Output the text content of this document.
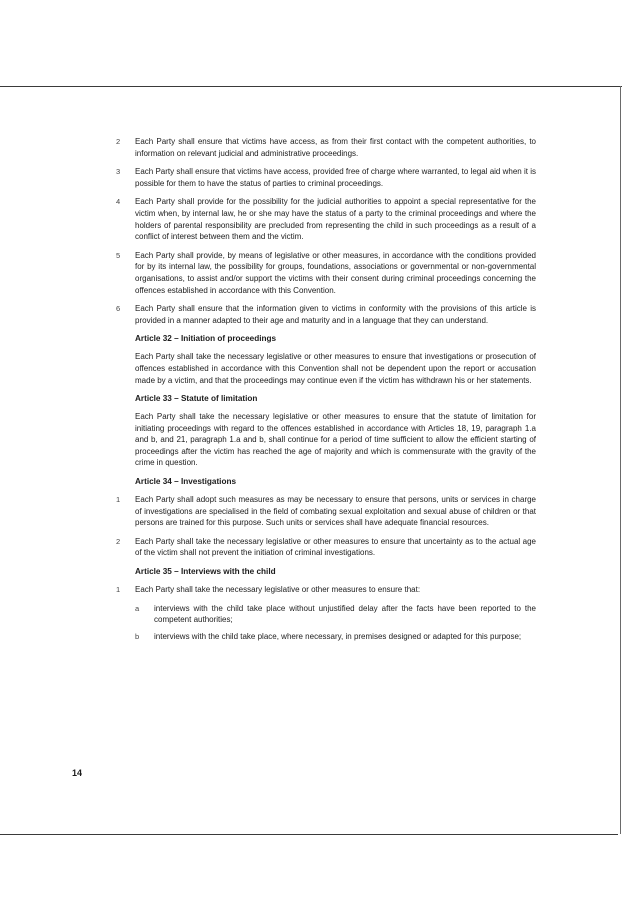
2 Each Party shall ensure that victims have access, as from their first contact with the competent authorities, to information on relevant judicial and administrative proceedings.
3 Each Party shall ensure that victims have access, provided free of charge where warranted, to legal aid when it is possible for them to have the status of parties to criminal proceedings.
4 Each Party shall provide for the possibility for the judicial authorities to appoint a special representative for the victim when, by internal law, he or she may have the status of a party to the criminal proceedings and where the holders of parental responsibility are precluded from representing the child in such proceedings as a result of a conflict of interest between them and the victim.
5 Each Party shall provide, by means of legislative or other measures, in accordance with the conditions provided for by its internal law, the possibility for groups, foundations, associations or governmental or non-governmental organisations, to assist and/or support the victims with their consent during criminal proceedings concerning the offences established in accordance with this Convention.
6 Each Party shall ensure that the information given to victims in conformity with the provisions of this article is provided in a manner adapted to their age and maturity and in a language that they can understand.
Article 32 – Initiation of proceedings
Each Party shall take the necessary legislative or other measures to ensure that investigations or prosecution of offences established in accordance with this Convention shall not be dependent upon the report or accusation made by a victim, and that the proceedings may continue even if the victim has withdrawn his or her statements.
Article 33 – Statute of limitation
Each Party shall take the necessary legislative or other measures to ensure that the statute of limitation for initiating proceedings with regard to the offences established in accordance with Articles 18, 19, paragraph 1.a and b, and 21, paragraph 1.a and b, shall continue for a period of time sufficient to allow the efficient starting of proceedings after the victim has reached the age of majority and which is commensurate with the gravity of the crime in question.
Article 34 – Investigations
1 Each Party shall adopt such measures as may be necessary to ensure that persons, units or services in charge of investigations are specialised in the field of combating sexual exploitation and sexual abuse of children or that persons are trained for this purpose. Such units or services shall have adequate financial resources.
2 Each Party shall take the necessary legislative or other measures to ensure that uncertainty as to the actual age of the victim shall not prevent the initiation of criminal investigations.
Article 35 – Interviews with the child
1 Each Party shall take the necessary legislative or other measures to ensure that:
a interviews with the child take place without unjustified delay after the facts have been reported to the competent authorities;
b interviews with the child take place, where necessary, in premises designed or adapted for this purpose;
14
